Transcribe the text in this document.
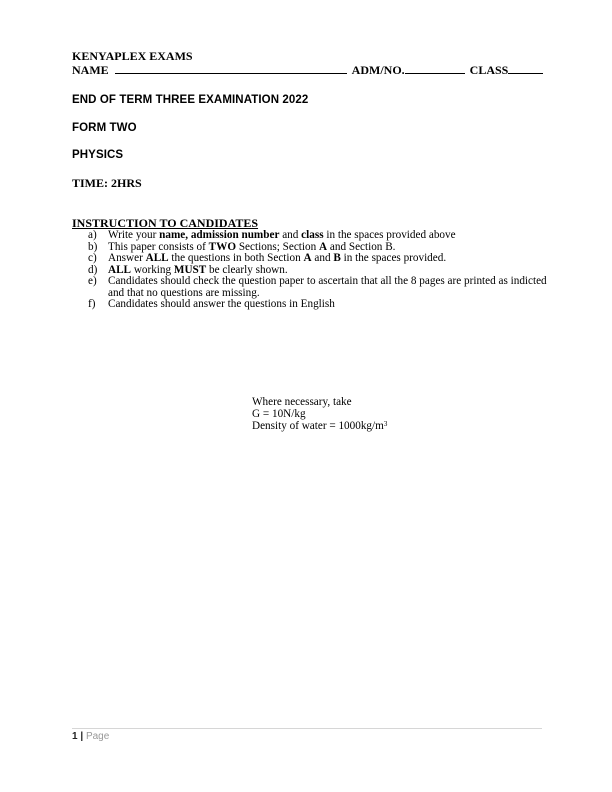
KENYAPLEX EXAMS
NAME	ADM/NO.	CLASS
END OF TERM THREE EXAMINATION 2022
FORM TWO
PHYSICS
TIME: 2HRS
INSTRUCTION TO CANDIDATES
a)	Write your name, admission number and class in the spaces provided above
b) This paper consists of TWO Sections; Section A and Section B.
c)	Answer ALL the questions in both Section A and B in the spaces provided.
d) ALL working MUST be clearly shown.
e)	Candidates should check the question paper to ascertain that all the 8 pages are printed as indicted and that no questions are missing.
f)	Candidates should answer the questions in English
Where necessary, take
G = 10N/kg
Density of water = $1000kg/m^3$
1 | Page
